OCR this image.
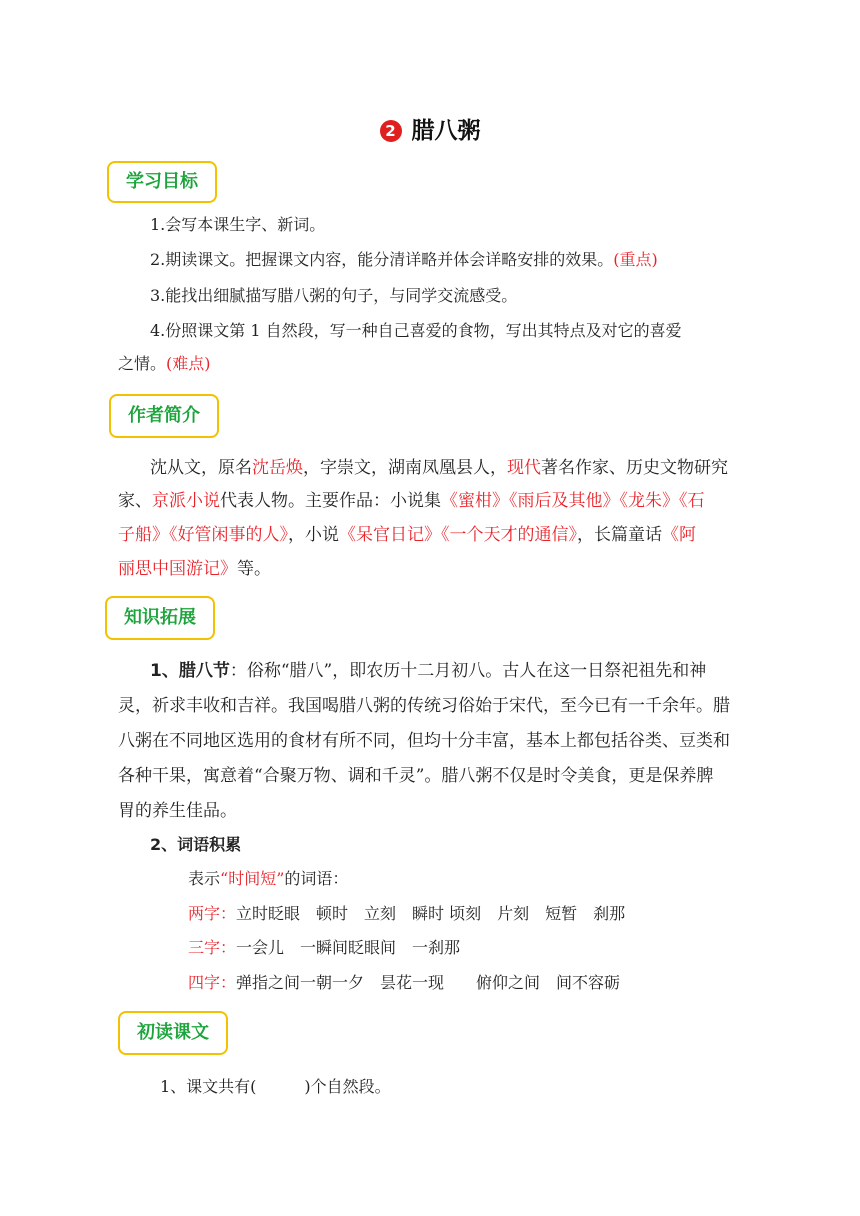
2 腊八粥
学习目标
1.会写本课生字、新词。
2.期读课文。把握课文内容，能分清详略并体会详略安排的效果。(重点)
3.能找出细腻描写腊八粥的句子，与同学交流感受。
4.份照课文第 1 自然段，写一种自己喜爱的食物，写出其特点及对它的喜爱
之情。(难点)
作者简介
沈从文，原名沈岳焕，字崇文，湖南凤凰县人，现代著名作家、历史文物研究
家、京派小说代表人物。主要作品：小说集《蜜柑》《雨后及其他》《龙朱》《石
子船》《好管闲事的人》，小说《呆官日记》《一个天才的通信》，长篇童话《阿
丽思中国游记》等。
知识拓展
1、腊八节：俗称“腊八”，即农历十二月初八。古人在这一日祭祀祖先和神
灵，祈求丰收和吉祥。我国喝腊八粥的传统习俗始于宋代，至今已有一千余年。腊
八粥在不同地区选用的食材有所不同，但均十分丰富，基本上都包括谷类、豆类和
各种干果，寓意着“合聚万物、调和千灵”。腊八粥不仅是时令美食，更是保养脾
胃的养生佳品。
2、词语积累
表示“时间短”的词语：
两字：立时眨眼　顿时　立刻　瞬时 顷刻　片刻　短暂　刹那
三字：一会儿　一瞬间眨眼间　一刹那
四字：弹指之间一朝一夕　昙花一现　　俯仰之间　间不容砺
初读课文
1、课文共有(　　　)个自然段。
